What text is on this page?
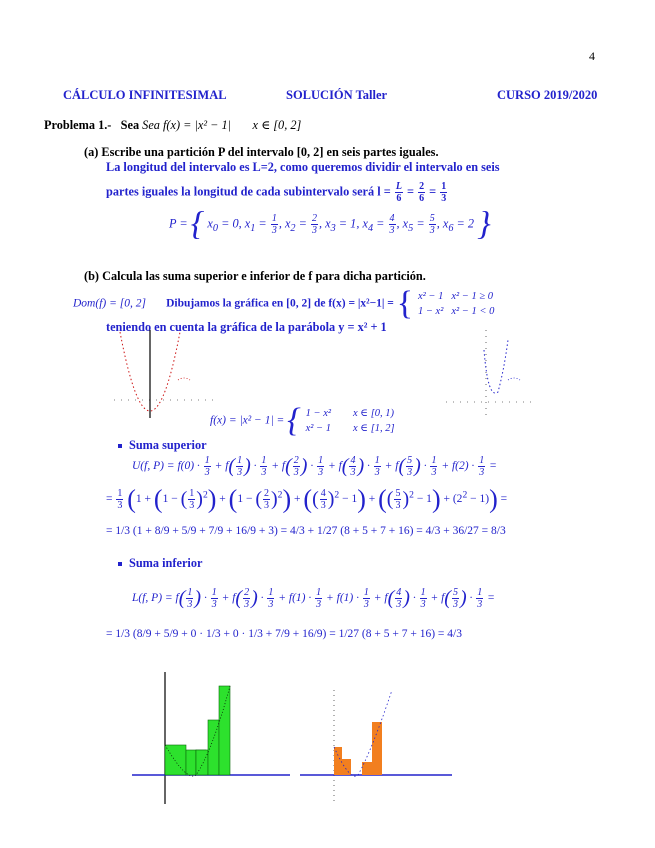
4
CÁLCULO INFINITESIMAL	SOLUCIÓN Taller	CURSO 2019/2020
Problema 1.- Sea Sea f(x) = |x² − 1| x ∈ [0, 2]
(a) Escribe una partición P del intervalo [0, 2] en seis partes iguales.
La longitud del intervalo es L=2, como queremos dividir el intervalo en seis
partes iguales la longitud de cada subintervalo será $l = \frac{L}{6} = \frac{2}{6} = \frac{1}{3}$
P = { $x_0 = 0$, $x_1 = \frac{1}{3}$ , $x_2 = \frac{2}{3}$ , $x_3 = 1$, $x_4 = \frac{4}{3}$ , $x_5 = \frac{5}{3}$ , $x_6 = 2$ }
(b) Calcula las suma superior e inferior de f para dicha partición.
Dom(f) = [0, 2] Dibujamos la gráfica en [0, 2] de f(x) = |x²−1| = { x² − 1	x² − 1 ≥ 0
1 − x²	x² − 1 < 0
teniendo en cuenta la gráfica de la parábola y = x² + 1
f(x) = |x² − 1| = { 1 − x²	x ∈ [0, 1)
x² − 1	x ∈ [1, 2]
Suma superior
U(f, $P) = f(0) \cdot \frac{1}{3} + f( \frac{1}{3}$ ) · $\frac{1}{3} + f( \frac{2}{3}$ ) · $\frac{1}{3} + f( \frac{4}{3}$ ) · $\frac{1}{3} + f( \frac{5}{3}$ ) · $\frac{1}{3} + f(2) \cdot \frac{1}{3}$ =
= $\frac{1}{3} (1 + (1$ − ( $\frac{1}{3} )^2) + (1$ − ( $\frac{2}{3} )^2$) + (( $\frac{4}{3} )^2 - 1$) + (( $\frac{5}{3} )^2 - 1) + (2^2 - 1)$) =
= 1/3 (1 + 8/9 + 5/9 + 7/9 + 16/9 + 3) = 4/3 + 1/27 (8 + 5 + 7 + 16) = 4/3 + 36/27 = 8/3
Suma inferior
L(f, $P) = f( \frac{1}{3}$ ) · $\frac{1}{3} + f( \frac{2}{3}$ ) · $\frac{1}{3} + f(1) \cdot \frac{1}{3} + f(1) \cdot \frac{1}{3} + f( \frac{4}{3}$ ) · $\frac{1}{3} + f( \frac{5}{3}$ ) · $\frac{1}{3}$ =
= 1/3 (8/9 + 5/9 + 0 · 1/3 + 0 · 1/3 + 7/9 + 16/9) = 1/27 (8 + 5 + 7 + 16) = 4/3
